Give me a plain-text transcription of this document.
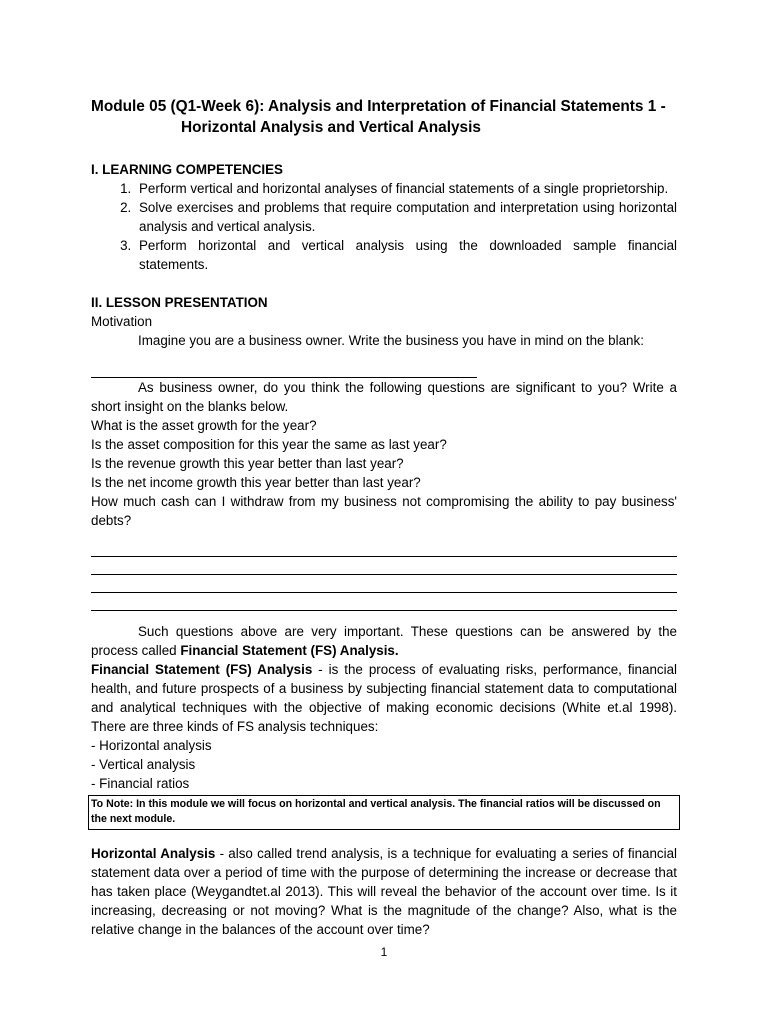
Module 05 (Q1-Week 6): Analysis and Interpretation of Financial Statements 1 -
Horizontal Analysis and Vertical Analysis
I. LEARNING COMPETENCIES
1. Perform vertical and horizontal analyses of financial statements of a single proprietorship.
2. Solve exercises and problems that require computation and interpretation using horizontal analysis and vertical analysis.
3. Perform horizontal and vertical analysis using the downloaded sample financial statements.
II. LESSON PRESENTATION
Motivation
Imagine you are a business owner. Write the business you have in mind on the blank:
As business owner, do you think the following questions are significant to you? Write a short insight on the blanks below.
What is the asset growth for the year?
Is the asset composition for this year the same as last year?
Is the revenue growth this year better than last year?
Is the net income growth this year better than last year?
How much cash can I withdraw from my business not compromising the ability to pay business' debts?
Such questions above are very important. These questions can be answered by the process called Financial Statement (FS) Analysis.
Financial Statement (FS) Analysis - is the process of evaluating risks, performance, financial health, and future prospects of a business by subjecting financial statement data to computational and analytical techniques with the objective of making economic decisions (White et.al 1998). There are three kinds of FS analysis techniques:
- Horizontal analysis
- Vertical analysis
- Financial ratios
To Note: In this module we will focus on horizontal and vertical analysis. The financial ratios will be discussed on the next module.
Horizontal Analysis - also called trend analysis, is a technique for evaluating a series of financial statement data over a period of time with the purpose of determining the increase or decrease that has taken place (Weygandtet.al 2013). This will reveal the behavior of the account over time. Is it increasing, decreasing or not moving? What is the magnitude of the change? Also, what is the relative change in the balances of the account over time?
1
